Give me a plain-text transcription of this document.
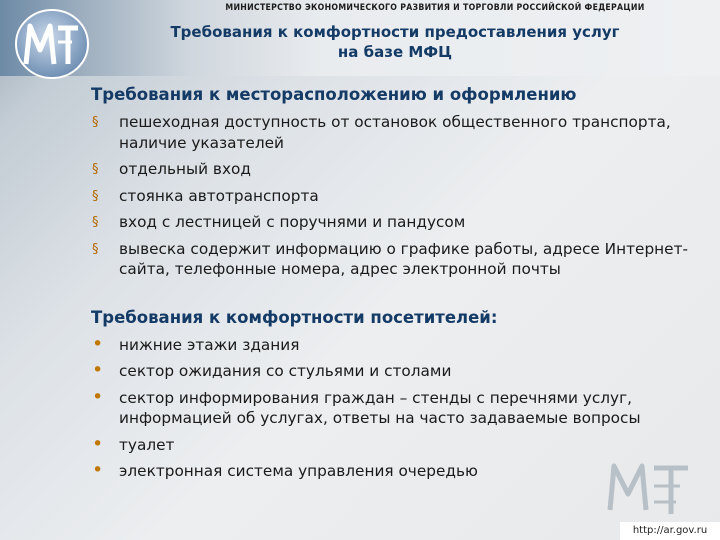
МИНИСТЕРСТВО ЭКОНОМИЧЕСКОГО РАЗВИТИЯ И ТОРГОВЛИ РОССИЙСКОЙ ФЕДЕРАЦИИ
Требования к комфортности предоставления услуг
на базе МФЦ
Требования к месторасположению и оформлению
§ пешеходная доступность от остановок общественного транспорта, наличие указателей
§ отдельный вход
§ стоянка автотранспорта
§ вход с лестницей с поручнями и пандусом
§ вывеска содержит информацию о графике работы, адресе Интернет-сайта, телефонные номера, адрес электронной почты
Требования к комфортности посетителей:
• нижние этажи здания
• сектор ожидания со стульями и столами
• сектор информирования граждан – стенды с перечнями услуг, информацией об услугах, ответы на часто задаваемые вопросы
• туалет
• электронная система управления очередью
http://ar.gov.ru
